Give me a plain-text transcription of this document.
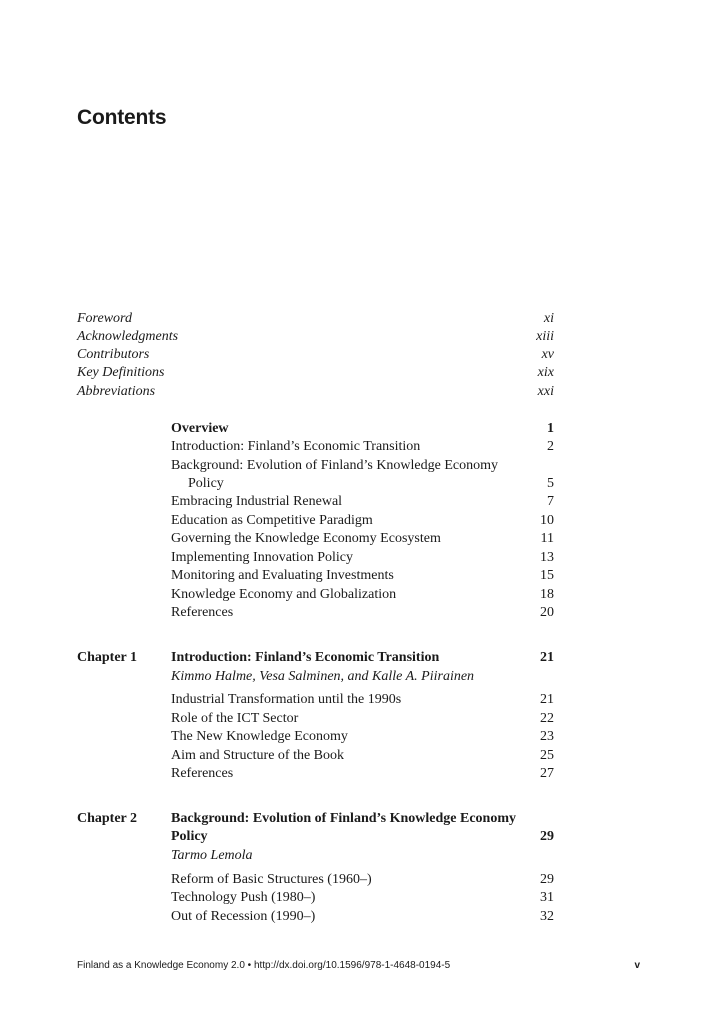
Contents
Foreword	xi
Acknowledgments	xiii
Contributors	xv
Key Definitions	xix
Abbreviations	xxi
Overview	1
Introduction: Finland’s Economic Transition	2
Background: Evolution of Finland’s Knowledge Economy
Policy	5
Embracing Industrial Renewal	7
Education as Competitive Paradigm	10
Governing the Knowledge Economy Ecosystem	11
Implementing Innovation Policy	13
Monitoring and Evaluating Investments	15
Knowledge Economy and Globalization	18
References	20
Chapter 1 Introduction: Finland’s Economic Transition	21
Kimmo Halme, Vesa Salminen, and Kalle A. Piirainen
Industrial Transformation until the 1990s	21
Role of the ICT Sector	22
The New Knowledge Economy	23
Aim and Structure of the Book	25
References	27
Chapter 2 Background: Evolution of Finland’s Knowledge Economy
Policy	29
Tarmo Lemola
Reform of Basic Structures (1960–)	29
Technology Push (1980–)	31
Out of Recession (1990–)	32
Finland as a Knowledge Economy 2.0 • http://dx.doi.org/10.1596/978-1-4648-0194-5	v
